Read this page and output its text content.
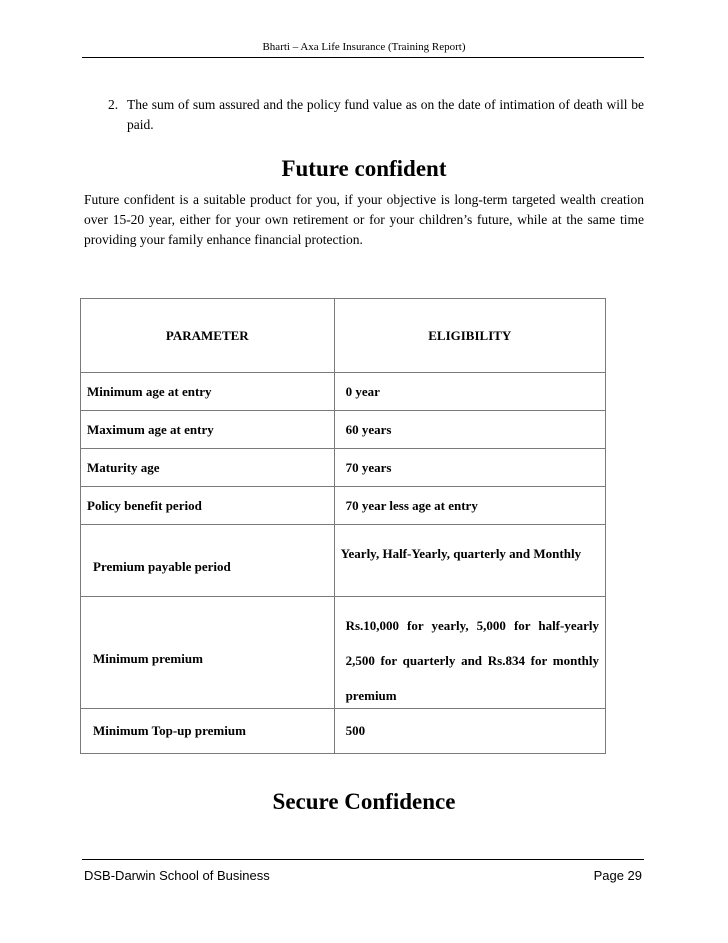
Bharti – Axa Life Insurance (Training Report)
2. The sum of sum assured and the policy fund value as on the date of intimation of death will be paid.
Future confident
Future confident is a suitable product for you, if your objective is long-term targeted wealth creation over 15-20 year, either for your own retirement or for your children’s future, while at the same time providing your family enhance financial protection.
PARAMETER	ELIGIBILITY
Minimum age at entry	0 year
Maximum age at entry	60 years
Maturity age	70 years
Policy benefit period	70 year less age at entry

Premium payable period	Yearly, Half-Yearly, quarterly and Monthly

Minimum premium	Rs.10,000 for yearly, 5,000 for half-yearly 2,500 for quarterly and Rs.834 for monthly premium

Minimum Top-up premium	500
Secure Confidence
DSB-Darwin School of Business	Page 29
